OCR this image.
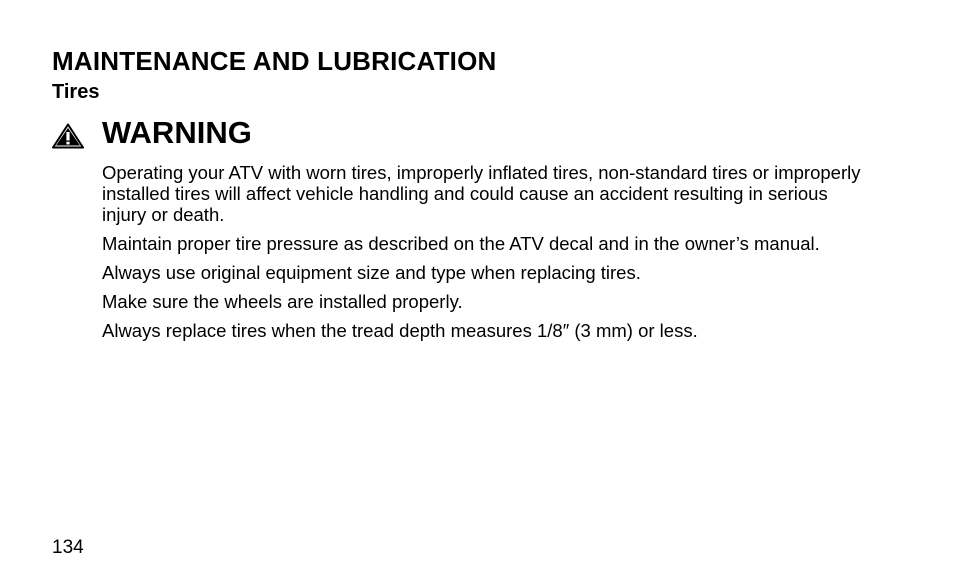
MAINTENANCE AND LUBRICATION
Tires
WARNING

Operating your ATV with worn tires, improperly inflated tires, non-standard tires or improperly installed tires will affect vehicle handling and could cause an accident resulting in serious injury or death.

Maintain proper tire pressure as described on the ATV decal and in the owner’s manual.

Always use original equipment size and type when replacing tires.

Make sure the wheels are installed properly.

Always replace tires when the tread depth measures 1/8″ (3 mm) or less.

134
